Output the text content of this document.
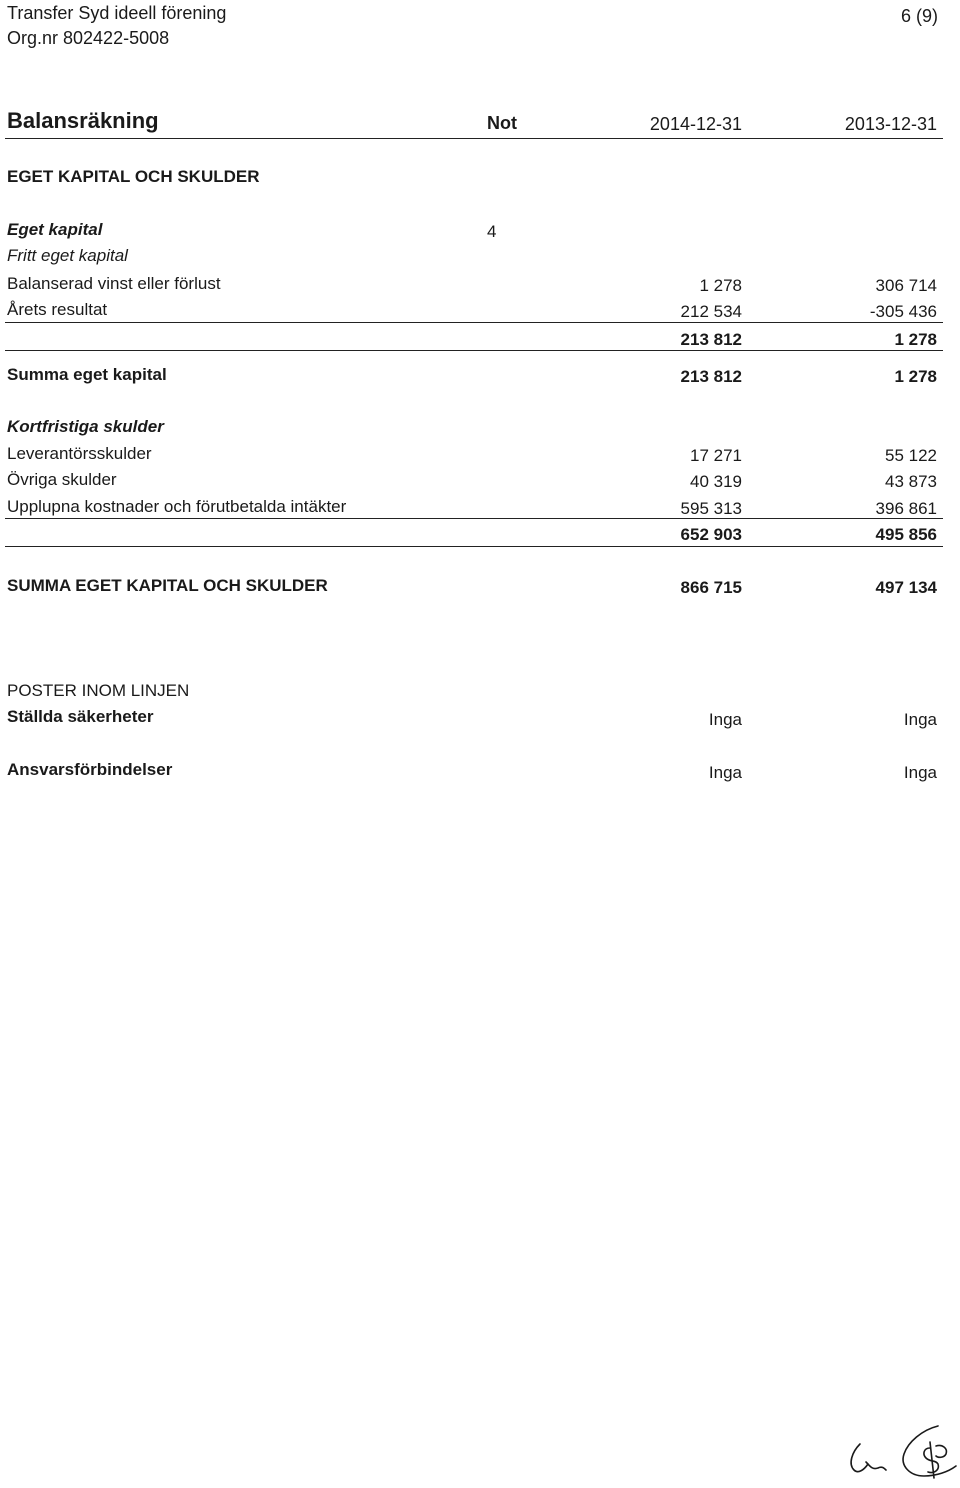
Transfer Syd ideell förening
Org.nr 802422-5008
6 (9)
Balansräkning	Not	2014-12-31	2013-12-31
EGET KAPITAL OCH SKULDER
Eget kapital	4
Fritt eget kapital
Balanserad vinst eller förlust	1 278	306 714
Årets resultat	212 534	-305 436
213 812	1 278
Summa eget kapital	213 812	1 278
Kortfristiga skulder
Leverantörsskulder	17 271	55 122
Övriga skulder	40 319	43 873
Upplupna kostnader och förutbetalda intäkter	595 313	396 861
652 903	495 856
SUMMA EGET KAPITAL OCH SKULDER	866 715	497 134
POSTER INOM LINJEN
Ställda säkerheter	Inga	Inga
Ansvarsförbindelser	Inga	Inga
